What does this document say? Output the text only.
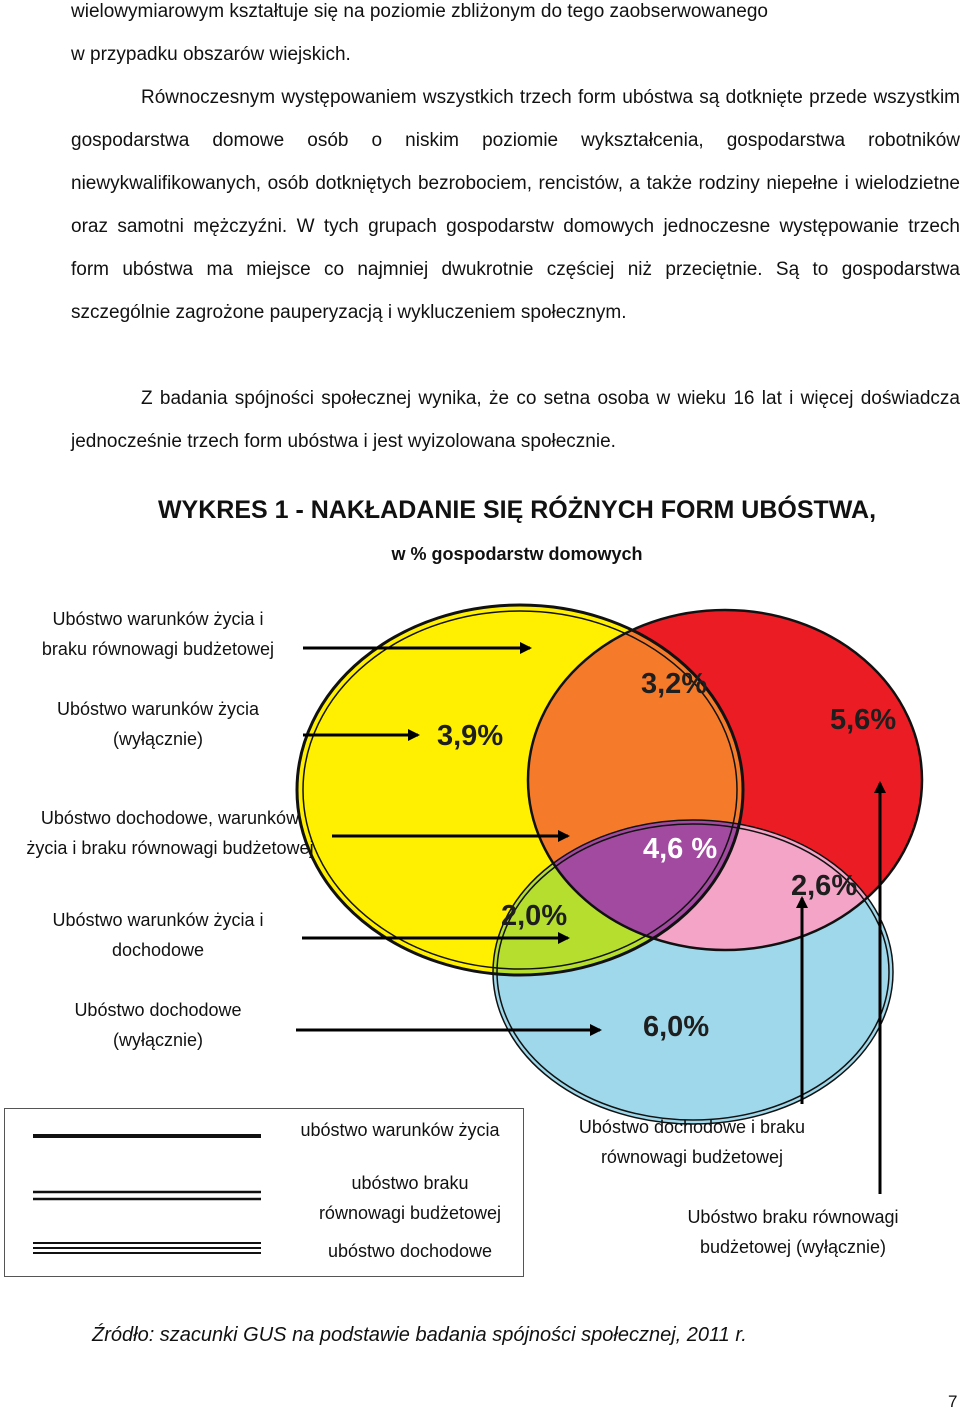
wielowymiarowym kształtuje się na poziomie zbliżonym do tego zaobserwowanego

w przypadku obszarów wiejskich.

Równoczesnym występowaniem wszystkich trzech form ubóstwa są dotknięte przede wszystkim gospodarstwa domowe osób o niskim poziomie wykształcenia, gospodarstwa robotników niewykwalifikowanych, osób dotkniętych bezrobociem, rencistów, a także rodziny niepełne i wielodzietne oraz samotni mężczyźni. W tych grupach gospodarstw domowych jednoczesne występowanie trzech form ubóstwa ma miejsce co najmniej dwukrotnie częściej niż przeciętnie. Są to gospodarstwa szczególnie zagrożone pauperyzacją i wykluczeniem społecznym.

Z badania spójności społecznej wynika, że co setna osoba w wieku 16 lat i więcej doświadcza jednocześnie trzech form ubóstwa i jest wyizolowana społecznie.

WYKRES 1 - NAKŁADANIE SIĘ RÓŻNYCH FORM UBÓSTWA,
w % gospodarstw domowych
3,9%
3,2%
5,6%
4,6 %
2,6%
2,0%
6,0%
Ubóstwo warunków życia i
braku równowagi budżetowej
Ubóstwo warunków życia
(wyłącznie)
Ubóstwo dochodowe, warunków
życia i braku równowagi budżetowej
Ubóstwo warunków życia i
dochodowe
Ubóstwo dochodowe
(wyłącznie)
Ubóstwo dochodowe i braku
równowagi budżetowej
Ubóstwo braku równowagi
budżetowej (wyłącznie)
ubóstwo warunków życia
ubóstwo braku
równowagi budżetowej
ubóstwo dochodowe
Źródło: szacunki GUS na podstawie badania spójności społecznej, 2011 r.
7
